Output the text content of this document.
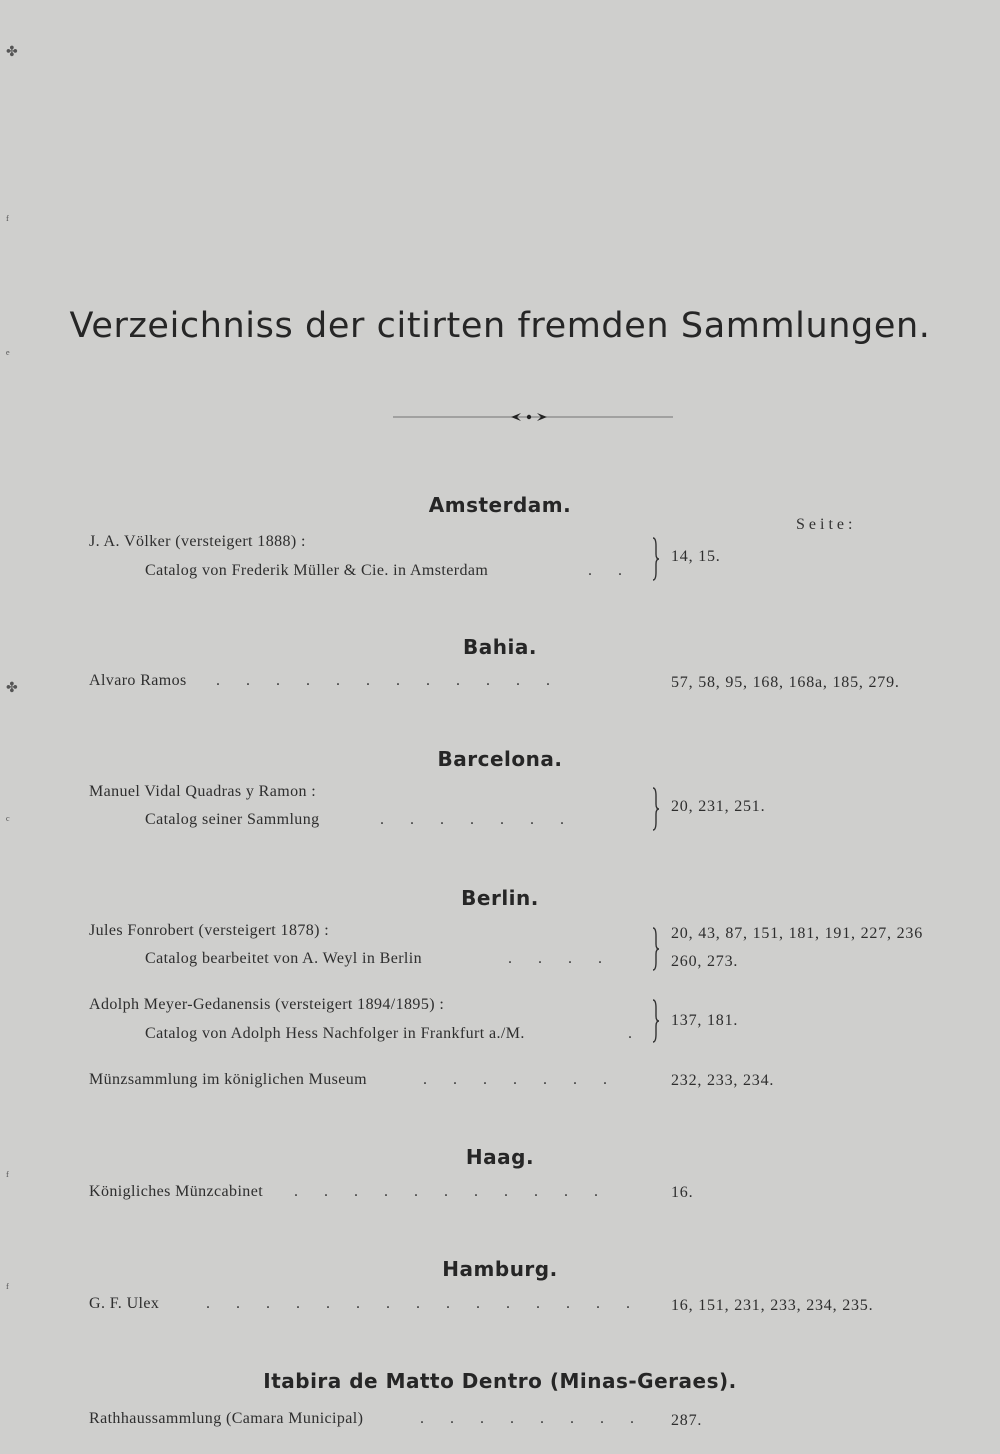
✤
ᶠ
ᵉ
✤
ᶜ
ᶠ
ᶠ
Verzeichniss der citirten fremden Sammlungen.
Amsterdam.
Seite:
J. A. Völker (versteigert 1888) :
Catalog von Frederik Müller & Cie. in Amsterdam	. .
14, 15.
Bahia.
Alvaro Ramos . . . . . . . . . . . .	57, 58, 95, 168, 168a, 185, 279.
Barcelona.
Manuel Vidal Quadras y Ramon :
Catalog seiner Sammlung	. . . . . . .
20, 231, 251.
Berlin.
Jules Fonrobert (versteigert 1878) :
Catalog bearbeitet von A. Weyl in Berlin	. . . .
20, 43, 87, 151, 181, 191, 227, 236
260, 273.
Adolph Meyer-Gedanensis (versteigert 1894/1895) :
Catalog von Adolph Hess Nachfolger in Frankfurt a./M.	.
137, 181.
Münzsammlung im königlichen Museum	. . . . . . .	232, 233, 234.
Haag.
Königliches Münzcabinet . . . . . . . . . . .	16.
Hamburg.
G. F. Ulex	. . . . . . . . . . . . . . . 16, 151, 231, 233, 234, 235.
Itabira de Matto Dentro (Minas-Geraes).
Rathhaussammlung (Camara Municipal)	. . . . . . . . 287.
